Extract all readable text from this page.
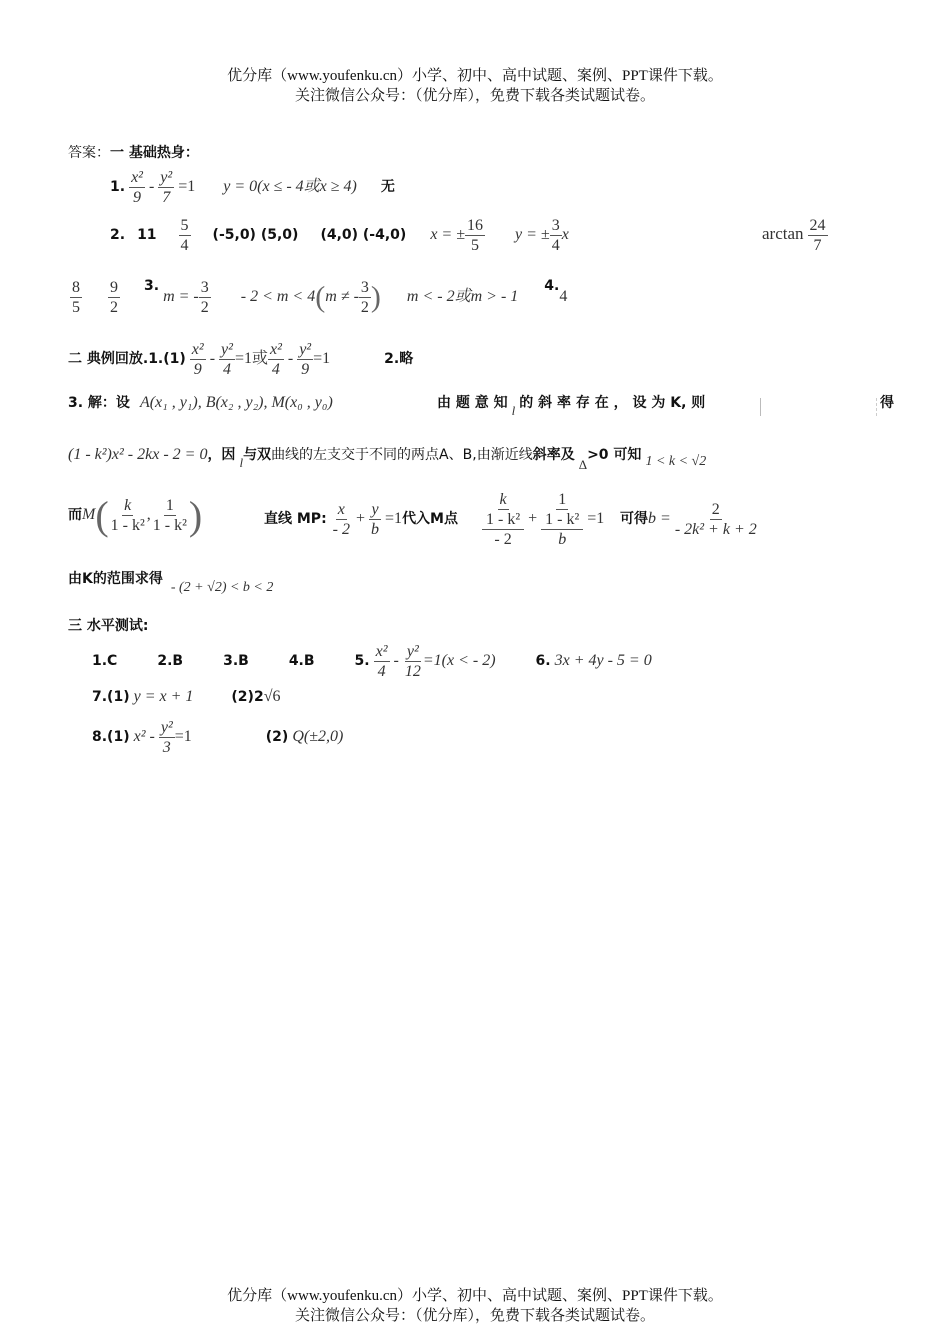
优分库（www.youfenku.cn）小学、初中、高中试题、案例、PPT课件下载。
关注微信公众号：（优分库），免费下载各类试题试卷。
答案：一 基础热身：
1. $\frac{\text{x²}}{9} - \frac{\text{y²}}{7} =1$ y = 0(x ≤ - 4或x ≥ 4) 无
2. $11 \frac{5}{4} (-5,0)$ (5,0) (4,0) (-4,0) x = ± $\frac{16}{5}$ y = ± $\frac{3}{4}$ x	$\arctan \frac{24}{7}$
$\frac{8}{5}$
$\frac{9}{2} 3$. m = - $\frac{3}{2} - 2 < m < 4(m$ ≠ - $\frac{3}{2}$ ) m < - 2或m > - 1 4.4
二 典例回放$.1.(1) \frac{\text{x²}}{9} - \frac{\text{y²}}{4} =1$或 $\frac{\text{x²}}{4} - \frac{\text{y²}}{9} =1$	2.略
3. 解：设 A(x₁ , y₁), B(x₂ , y₂), M(x₀ , y₀)	由 题 意 知 $_l$ 的 斜 率 存 在 ， 设 为 K, 则	得
(1 - k²)x² - 2kx - 2 = 0，因 $_l$与双曲线的左支交于不同的两点A、B,由渐近线斜率及 $_\Delta$>0 可知 1 < k < √2
而$M( \frac{k}{\text{1 - k²}}$ , $\frac{1}{\text{1 - k²}}$ )	直线 MP: $\frac{x}{- 2} + \frac{y}{b} =1$代入M点 $\frac{\frac{k}{\text{1 - k²}}}{- 2} + \frac{\frac{1}{\text{1 - k²}}}{b} =1$ 可得$b = \frac{2}{\text{- 2k² + k + 2}}$
由K的范围求得 - (2 + √2) < b < 2
三 水平测试:
1.C	2.B	3.B	4.B	5. $\frac{\text{x²}}{4} - \frac{\text{y²}}{12} =1(x$ < - 2)	6. 3x + 4y - 5 = 0
7.(1) y = x + 1	(2)2√6
8.(1) $x^2 - \frac{\text{y²}}{3} =1$	(2) Q(±2,0)
优分库（www.youfenku.cn）小学、初中、高中试题、案例、PPT课件下载。
关注微信公众号：（优分库），免费下载各类试题试卷。
